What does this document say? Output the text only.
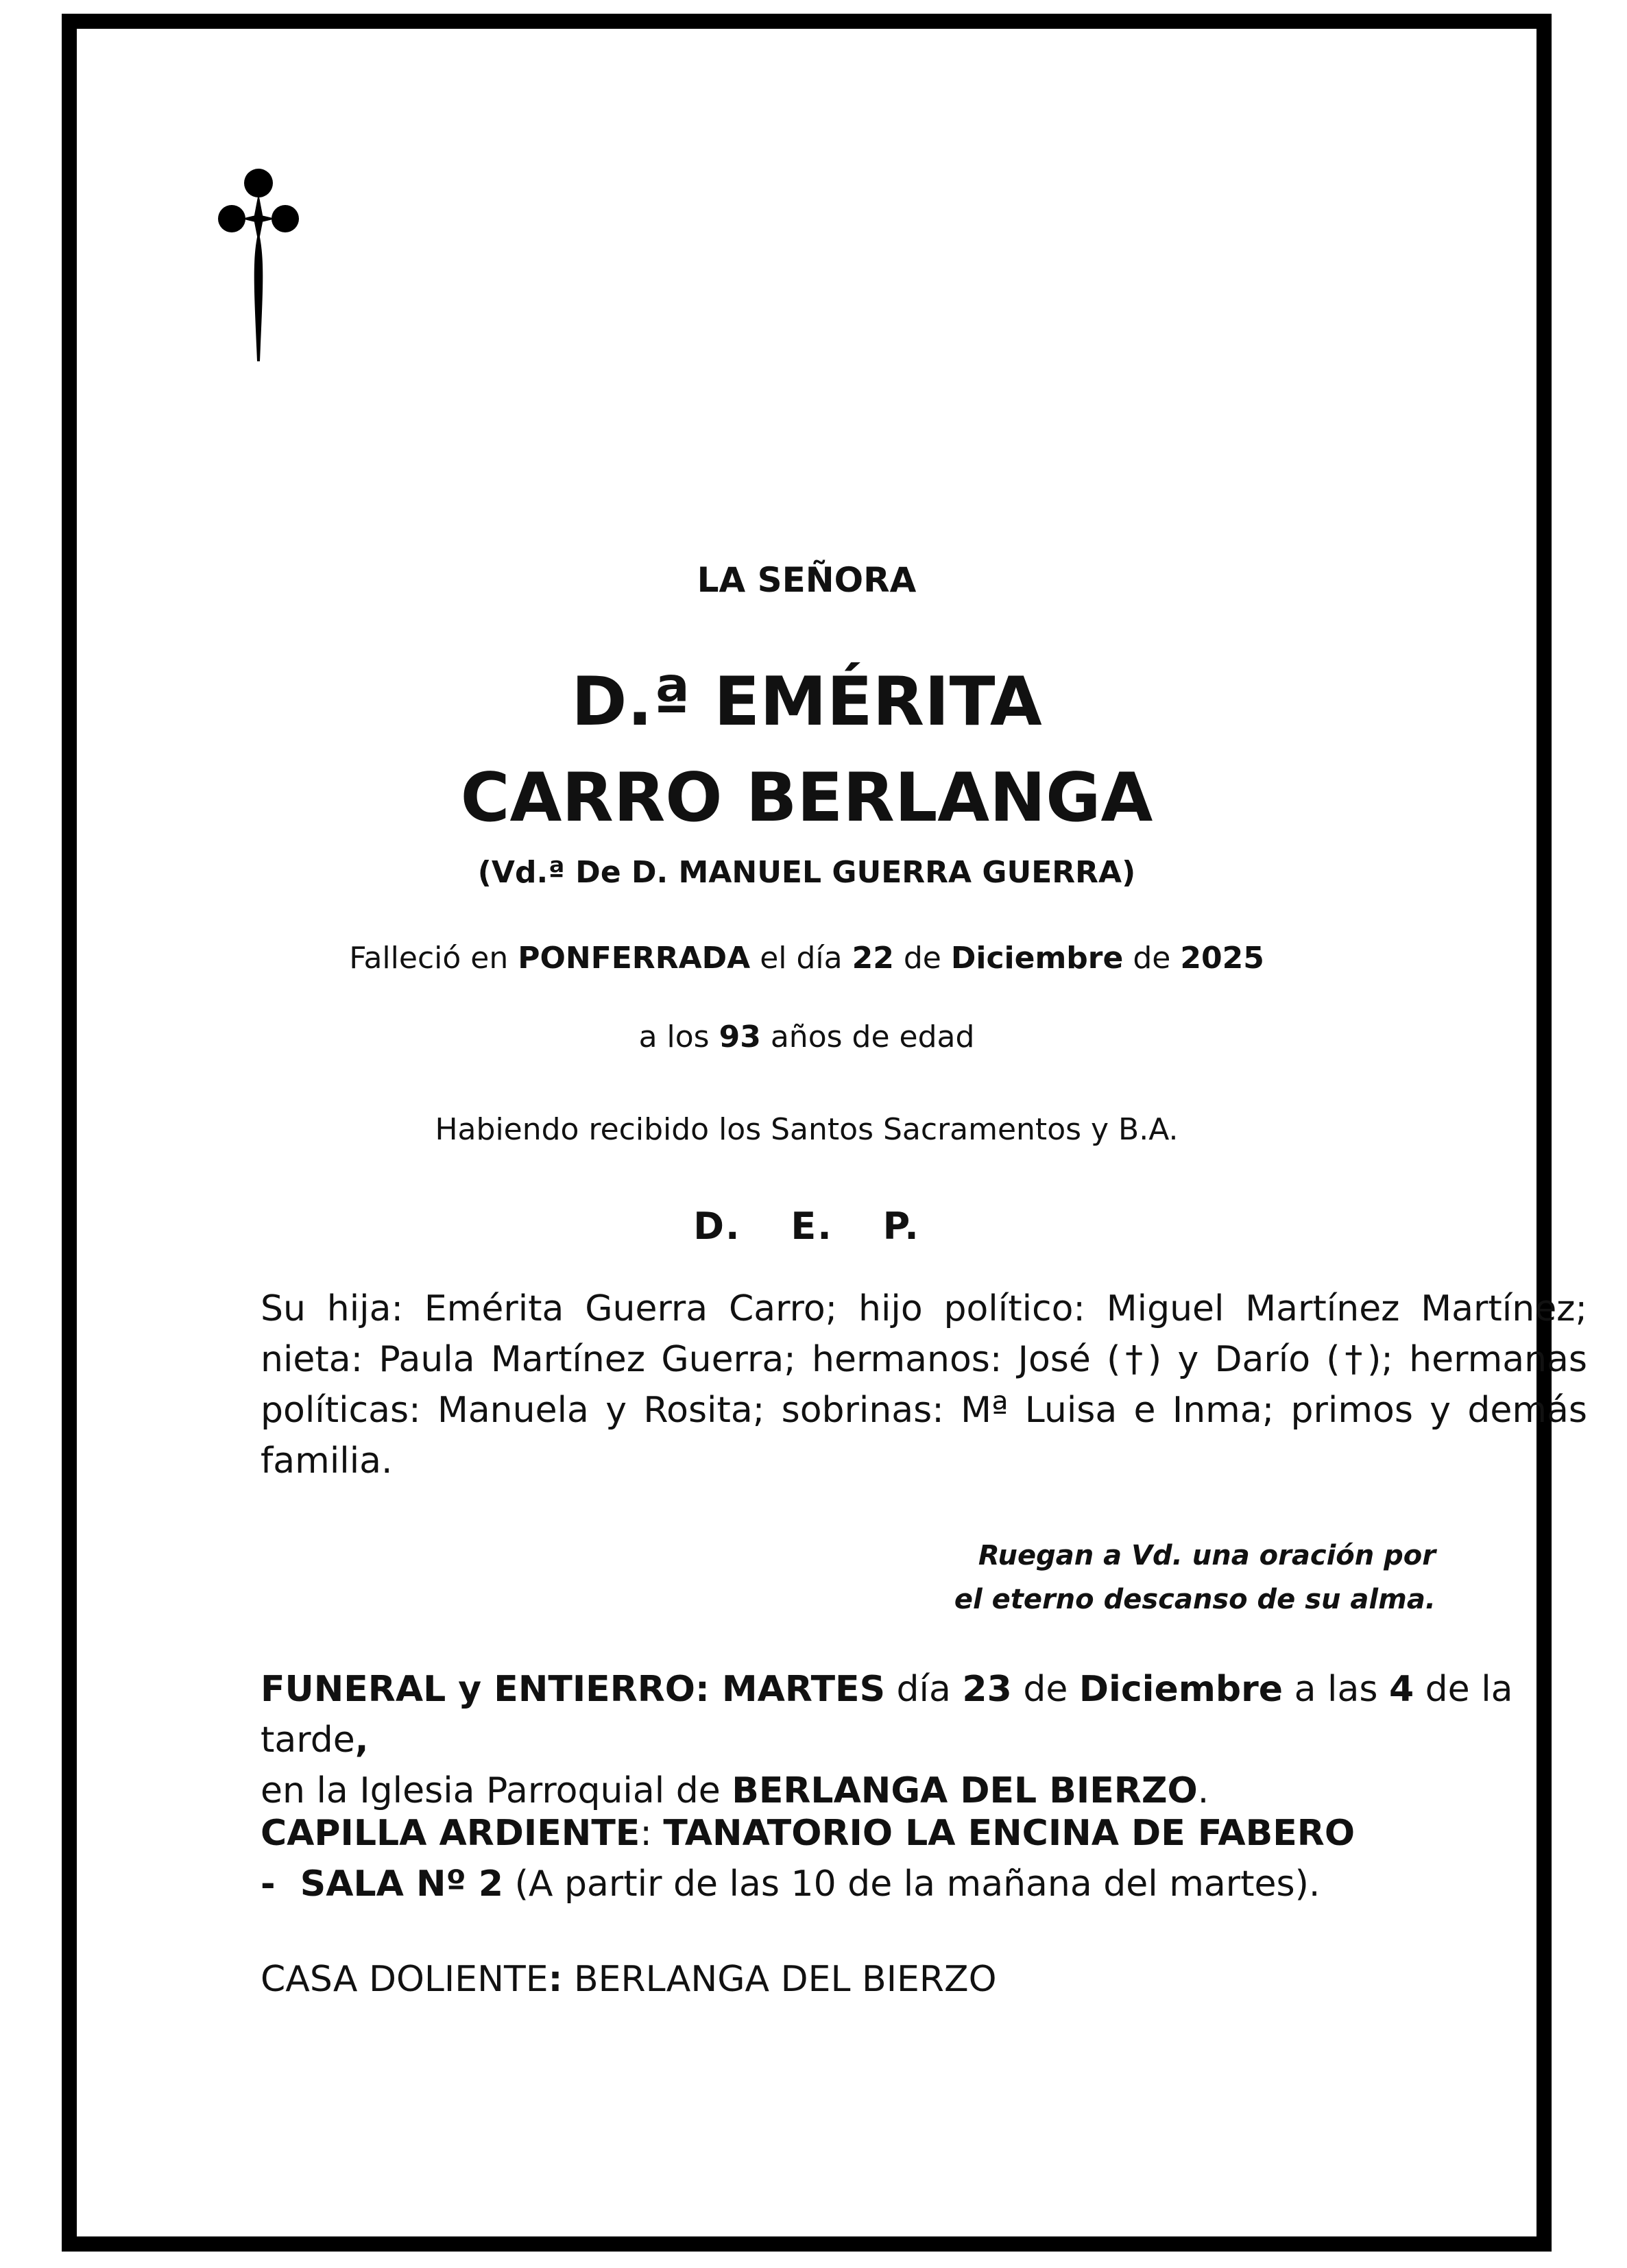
LA SEÑORA
D.ª EMÉRITA
CARRO BERLANGA
(Vd.ª De D. MANUEL GUERRA GUERRA)
Falleció en PONFERRADA el día 22 de Diciembre de 2025
a los 93 años de edad
Habiendo recibido los Santos Sacramentos y B.A.
D. E. P.
Su hija: Emérita Guerra Carro; hijo político: Miguel Martínez Martínez; nieta: Paula Martínez Guerra; hermanos: José (†) y Darío (†); hermanas políticas: Manuela y Rosita; sobrinas: Mª Luisa e Inma; primos y demás familia.
Ruegan a Vd. una oración por
el eterno descanso de su alma.
FUNERAL y ENTIERRO: MARTES día 23 de Diciembre a las 4 de la tarde,
en la Iglesia Parroquial de BERLANGA DEL BIERZO.
CAPILLA ARDIENTE: TANATORIO LA ENCINA DE FABERO
-  SALA Nº 2 (A partir de las 10 de la mañana del martes).
CASA DOLIENTE: BERLANGA DEL BIERZO
